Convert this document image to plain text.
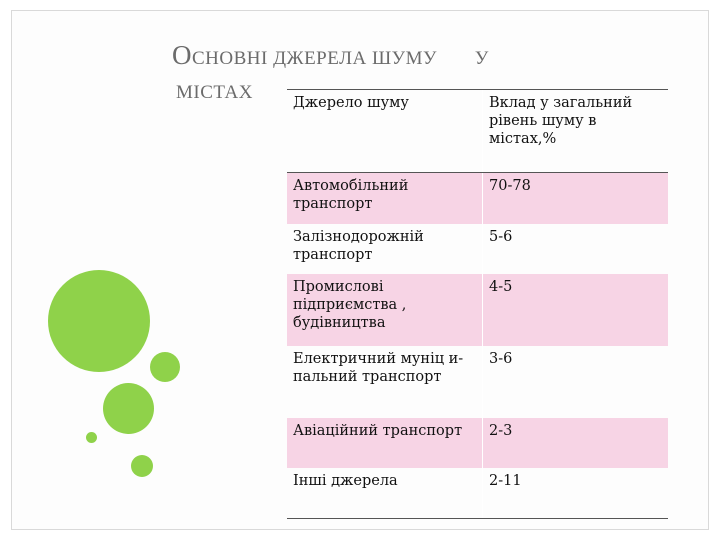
ОСНОВНІ ДЖЕРЕЛА ШУМУ У
МІСТАХ	Джерело шуму	Вклад у загальний рівень шуму в містах,%
Автомобільний транспорт	70-78
Залізнодорожній транспорт	5-6
Промислові підприємства , будівництва	4-5
Електричний муніц и- пальний транспорт	3-6
Авіаційний транспорт	2-3
Інші джерела	2-11
